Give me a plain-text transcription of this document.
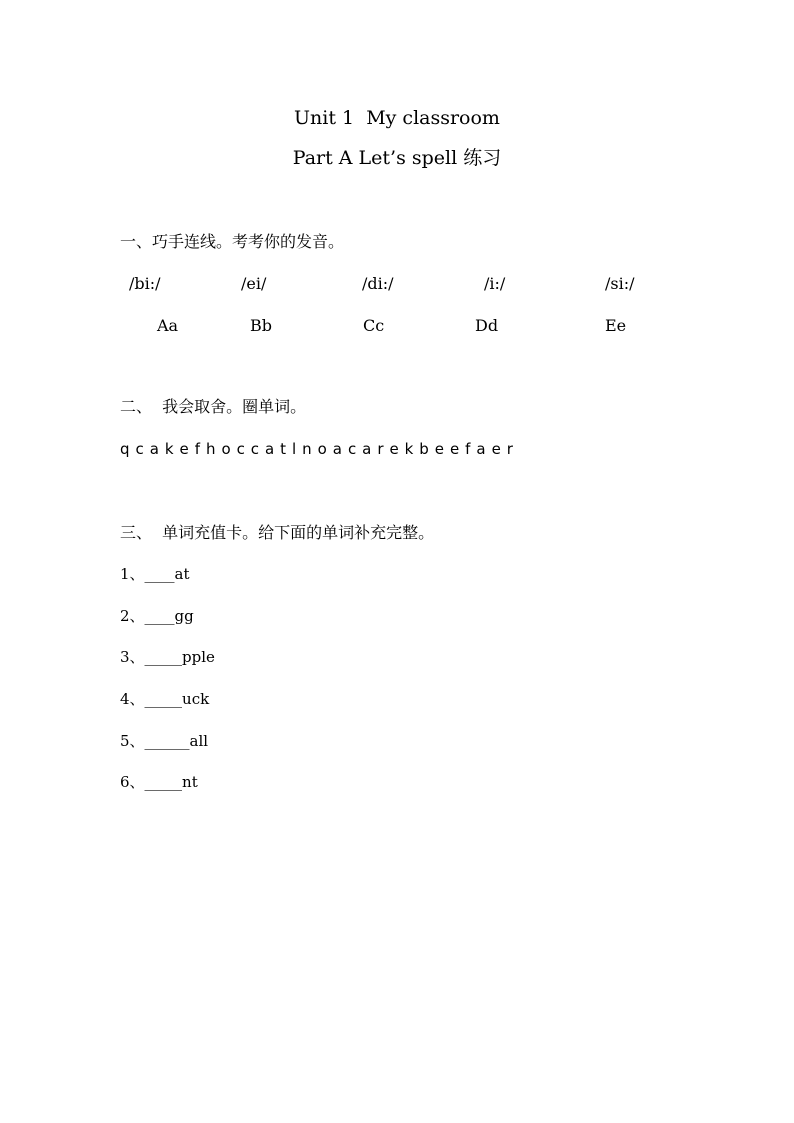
Unit 1  My classroom
Part A Let’s spell 练习
一、巧手连线。考考你的发音。
/bi:/	/ei/	/di:/	/i:/	/si:/
Aa	Bb	Cc	Dd	Ee
二、  我会取舍。圈单词。
q c a k e f h o c c a t l n o a c a r e k b e e f a e r
三、  单词充值卡。给下面的单词补充完整。
1、____at
2、____gg
3、_____pple
4、_____uck
5、______all
6、_____nt
